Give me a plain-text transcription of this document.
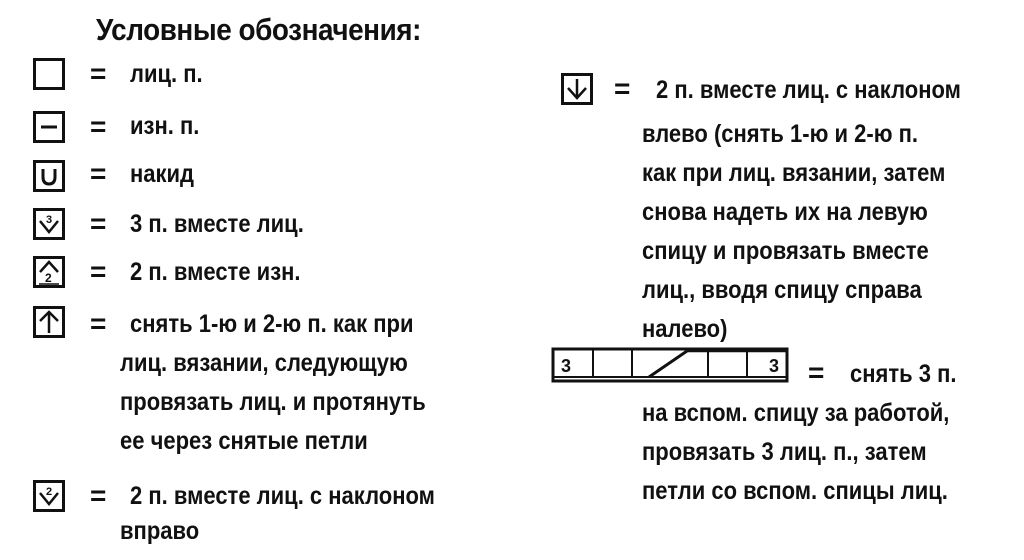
Условные обозначения:
= лиц. п.
= изн. п.
= накид
3 = 3 п. вместе лиц.
2 = 2 п. вместе изн.
= снять 1-ю и 2-ю п. как при
лиц. вязании, следующую
провязать лиц. и протянуть
ее через снятые петли
2 = 2 п. вместе лиц. с наклоном
вправо
= 2 п. вместе лиц. с наклоном
влево (снять 1-ю и 2-ю п.
как при лиц. вязании, затем
снова надеть их на левую
спицу и провязать вместе
лиц., вводя спицу справа
налево)
3	3 = снять 3 п.
на вспом. спицу за работой,
провязать 3 лиц. п., затем
петли со вспом. спицы лиц.
